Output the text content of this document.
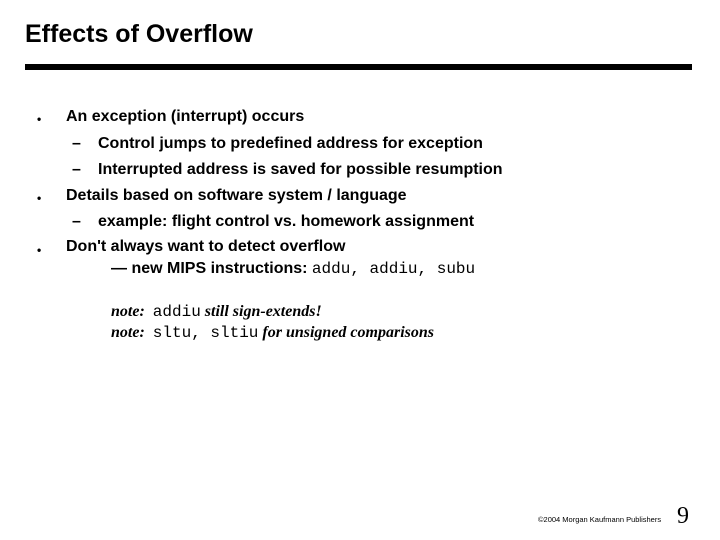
Effects of Overflow
• An exception (interrupt) occurs
– Control jumps to predefined address for exception
– Interrupted address is saved for possible resumption
• Details based on software system / language
– example: flight control vs. homework assignment
• Don't always want to detect overflow
— new MIPS instructions: addu, addiu, subu
note: addiu still sign-extends!
note: sltu, sltiu for unsigned comparisons
©2004 Morgan Kaufmann Publishers 9
